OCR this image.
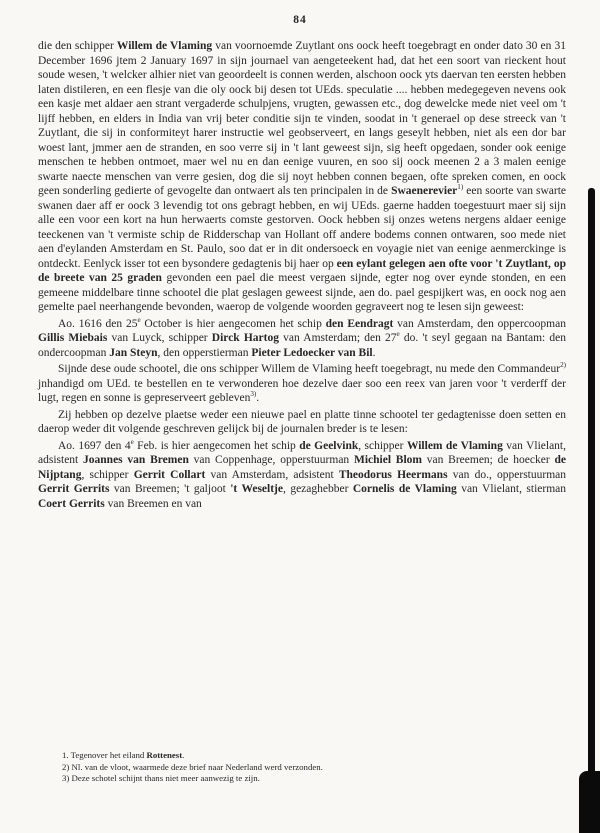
84

die den schipper Willem de Vlaming van voornoemde Zuytlant ons oock heeft toegebragt en onder dato 30 en 31 December 1696 jtem 2 January 1697 in sijn journael van aengeteekent had, dat het een soort van rieckent hout soude wesen, 't welcker alhier niet van geoordeelt is connen werden, alschoon oock yts daervan ten eersten hebben laten distileren, en een flesje van die oly oock bij desen tot UEds. speculatie .... hebben medegegeven nevens ook een kasje met aldaer aen strant vergaderde schulpjens, vrugten, gewassen etc., dog dewelcke mede niet veel om 't lijff hebben, en elders in India van vrij beter conditie sijn te vinden, soodat in 't generael op dese streeck van 't Zuytlant, die sij in conformiteyt harer instructie wel geobserveert, en langs geseylt hebben, niet als een dor bar woest lant, jmmer aen de stranden, en soo verre sij in 't lant geweest sijn, sig heeft opgedaen, sonder ook eenige menschen te hebben ontmoet, maer wel nu en dan eenige vuuren, en soo sij oock meenen 2 a 3 malen eenige swarte naecte menschen van verre gesien, dog die sij noyt hebben connen begaen, ofte spreken comen, en oock geen sonderling gedierte of gevogelte dan ontwaert als ten principalen in de Swaenerevier$^{1)}$ een soorte van swarte swanen daer aff er oock 3 levendig tot ons gebragt hebben, en wij UEds. gaerne hadden toegestuurt maer sij sijn alle een voor een kort na hun herwaerts comste gestorven. Oock hebben sij onzes wetens nergens aldaer eenige teeckenen van 't vermiste schip de Ridderschap van Hollant off andere bodems connen ontwaren, soo mede niet aen d'eylanden Amsterdam en St. Paulo, soo dat er in dit ondersoeck en voyagie niet van eenige aenmerckinge is ontdeckt. Eenlyck isser tot een bysondere gedagtenis bij haer op een eylant gelegen aen ofte voor 't Zuytlant, op de breete van 25 graden gevonden een pael die meest vergaen sijnde, egter nog over eynde stonden, en een gemeene middelbare tinne schootel die plat geslagen geweest sijnde, aen do. pael gespijkert was, en oock nog aen gemelte pael neerhangende bevonden, waerop de volgende woorden gegraveert nog te lesen sijn geweest:

Ao. 1616 den 25e October is hier aengecomen het schip den Eendragt van Amsterdam, den oppercoopman Gillis Miebais van Luyck, schipper Dirck Hartog van Amsterdam; den 27e do. 't seyl gegaan na Bantam: den ondercoopman Jan Steyn, den opperstierman Pieter Ledoecker van Bil.

Sijnde dese oude schootel, die ons schipper Willem de Vlaming heeft toegebragt, nu mede den Commandeur$^{2)}$ jnhandigd om UEd. te bestellen en te verwonderen hoe dezelve daer soo een reex van jaren voor 't verderff der lugt, regen en sonne is gepreserveert gebleven$^{3)}$.

Zij hebben op dezelve plaetse weder een nieuwe pael en platte tinne schootel ter gedagtenisse doen setten en daerop weder dit volgende geschreven gelijck bij de journalen breder is te lesen:

Ao. 1697 den 4e Feb. is hier aengecomen het schip de Geelvink, schipper Willem de Vlaming van Vlielant, adsistent Joannes van Bremen van Coppenhage, opperstuurman Michiel Blom van Breemen; de hoecker de Nijptang, schipper Gerrit Collart van Amsterdam, adsistent Theodorus Heermans van do., opperstuurman Gerrit Gerrits van Breemen; 't galjoot 't Weseltje, gezaghebber Cornelis de Vlaming van Vlielant, stierman Coert Gerrits van Breemen en van

1. Tegenover het eiland Rottenest.
2) Nl. van de vloot, waarmede deze brief naar Nederland werd verzonden.
3) Deze schotel schijnt thans niet meer aanwezig te zijn.
